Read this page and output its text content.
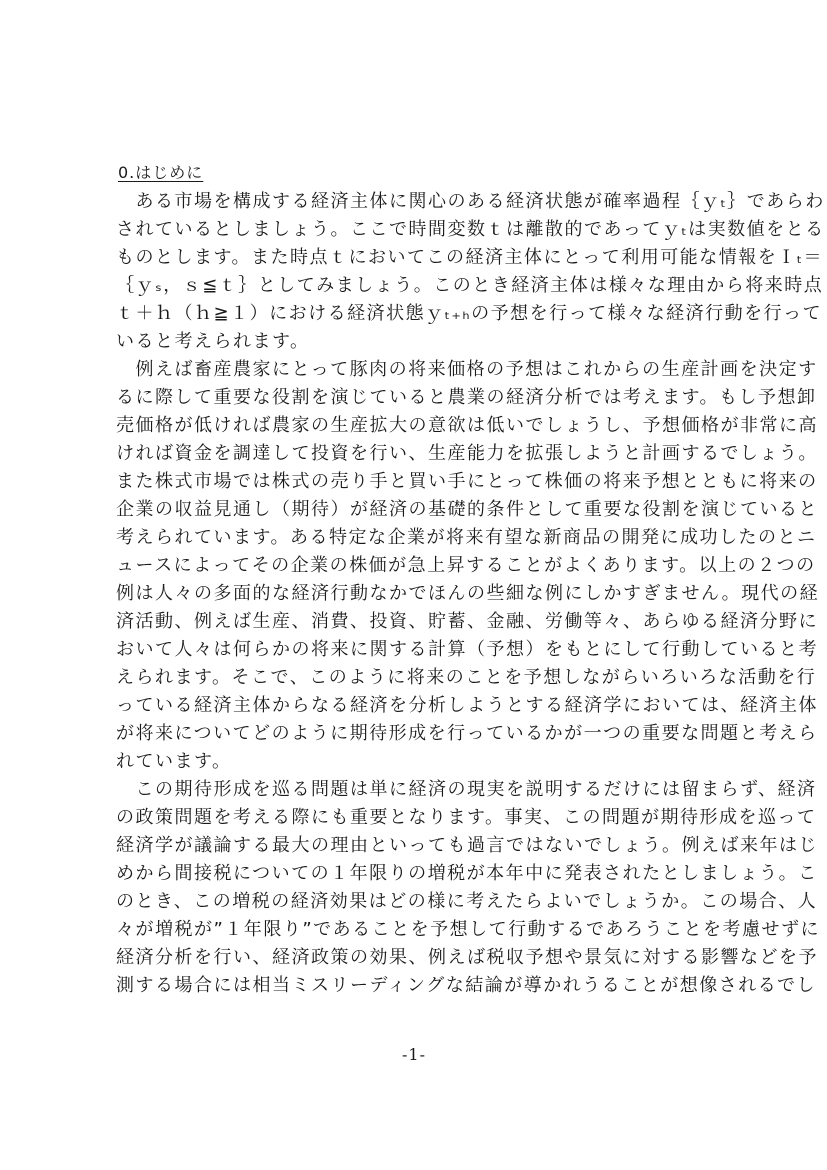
0.はじめに
　ある市場を構成する経済主体に関心のある経済状態が確率過程｛ｙₜ｝であらわ
されているとしましょう。ここで時間変数ｔは離散的であってｙₜは実数値をとる
ものとします。また時点ｔにおいてこの経済主体にとって利用可能な情報をＩₜ＝
｛ｙₛ，ｓ≦ｔ｝としてみましょう。このとき経済主体は様々な理由から将来時点
ｔ＋ｈ（ｈ≧１）における経済状態ｙₜ₊ₕの予想を行って様々な経済行動を行って
いると考えられます。
　例えば畜産農家にとって豚肉の将来価格の予想はこれからの生産計画を決定す
るに際して重要な役割を演じていると農業の経済分析では考えます。もし予想卸
売価格が低ければ農家の生産拡大の意欲は低いでしょうし、予想価格が非常に高
ければ資金を調達して投資を行い、生産能力を拡張しようと計画するでしょう。
また株式市場では株式の売り手と買い手にとって株価の将来予想とともに将来の
企業の収益見通し（期待）が経済の基礎的条件として重要な役割を演じていると
考えられています。ある特定な企業が将来有望な新商品の開発に成功したのとニ
ュースによってその企業の株価が急上昇することがよくあります。以上の２つの
例は人々の多面的な経済行動なかでほんの些細な例にしかすぎません。現代の経
済活動、例えば生産、消費、投資、貯蓄、金融、労働等々、あらゆる経済分野に
おいて人々は何らかの将来に関する計算（予想）をもとにして行動していると考
えられます。そこで、このように将来のことを予想しながらいろいろな活動を行
っている経済主体からなる経済を分析しようとする経済学においては、経済主体
が将来についてどのように期待形成を行っているかが一つの重要な問題と考えら
れています。
　この期待形成を巡る問題は単に経済の現実を説明するだけには留まらず、経済
の政策問題を考える際にも重要となります。事実、この問題が期待形成を巡って
経済学が議論する最大の理由といっても過言ではないでしょう。例えば来年はじ
めから間接税についての１年限りの増税が本年中に発表されたとしましょう。こ
のとき、この増税の経済効果はどの様に考えたらよいでしょうか。この場合、人
々が増税が”１年限り”であることを予想して行動するであろうことを考慮せずに
経済分析を行い、経済政策の効果、例えば税収予想や景気に対する影響などを予
測する場合には相当ミスリーディングな結論が導かれうることが想像されるでし
-1-
